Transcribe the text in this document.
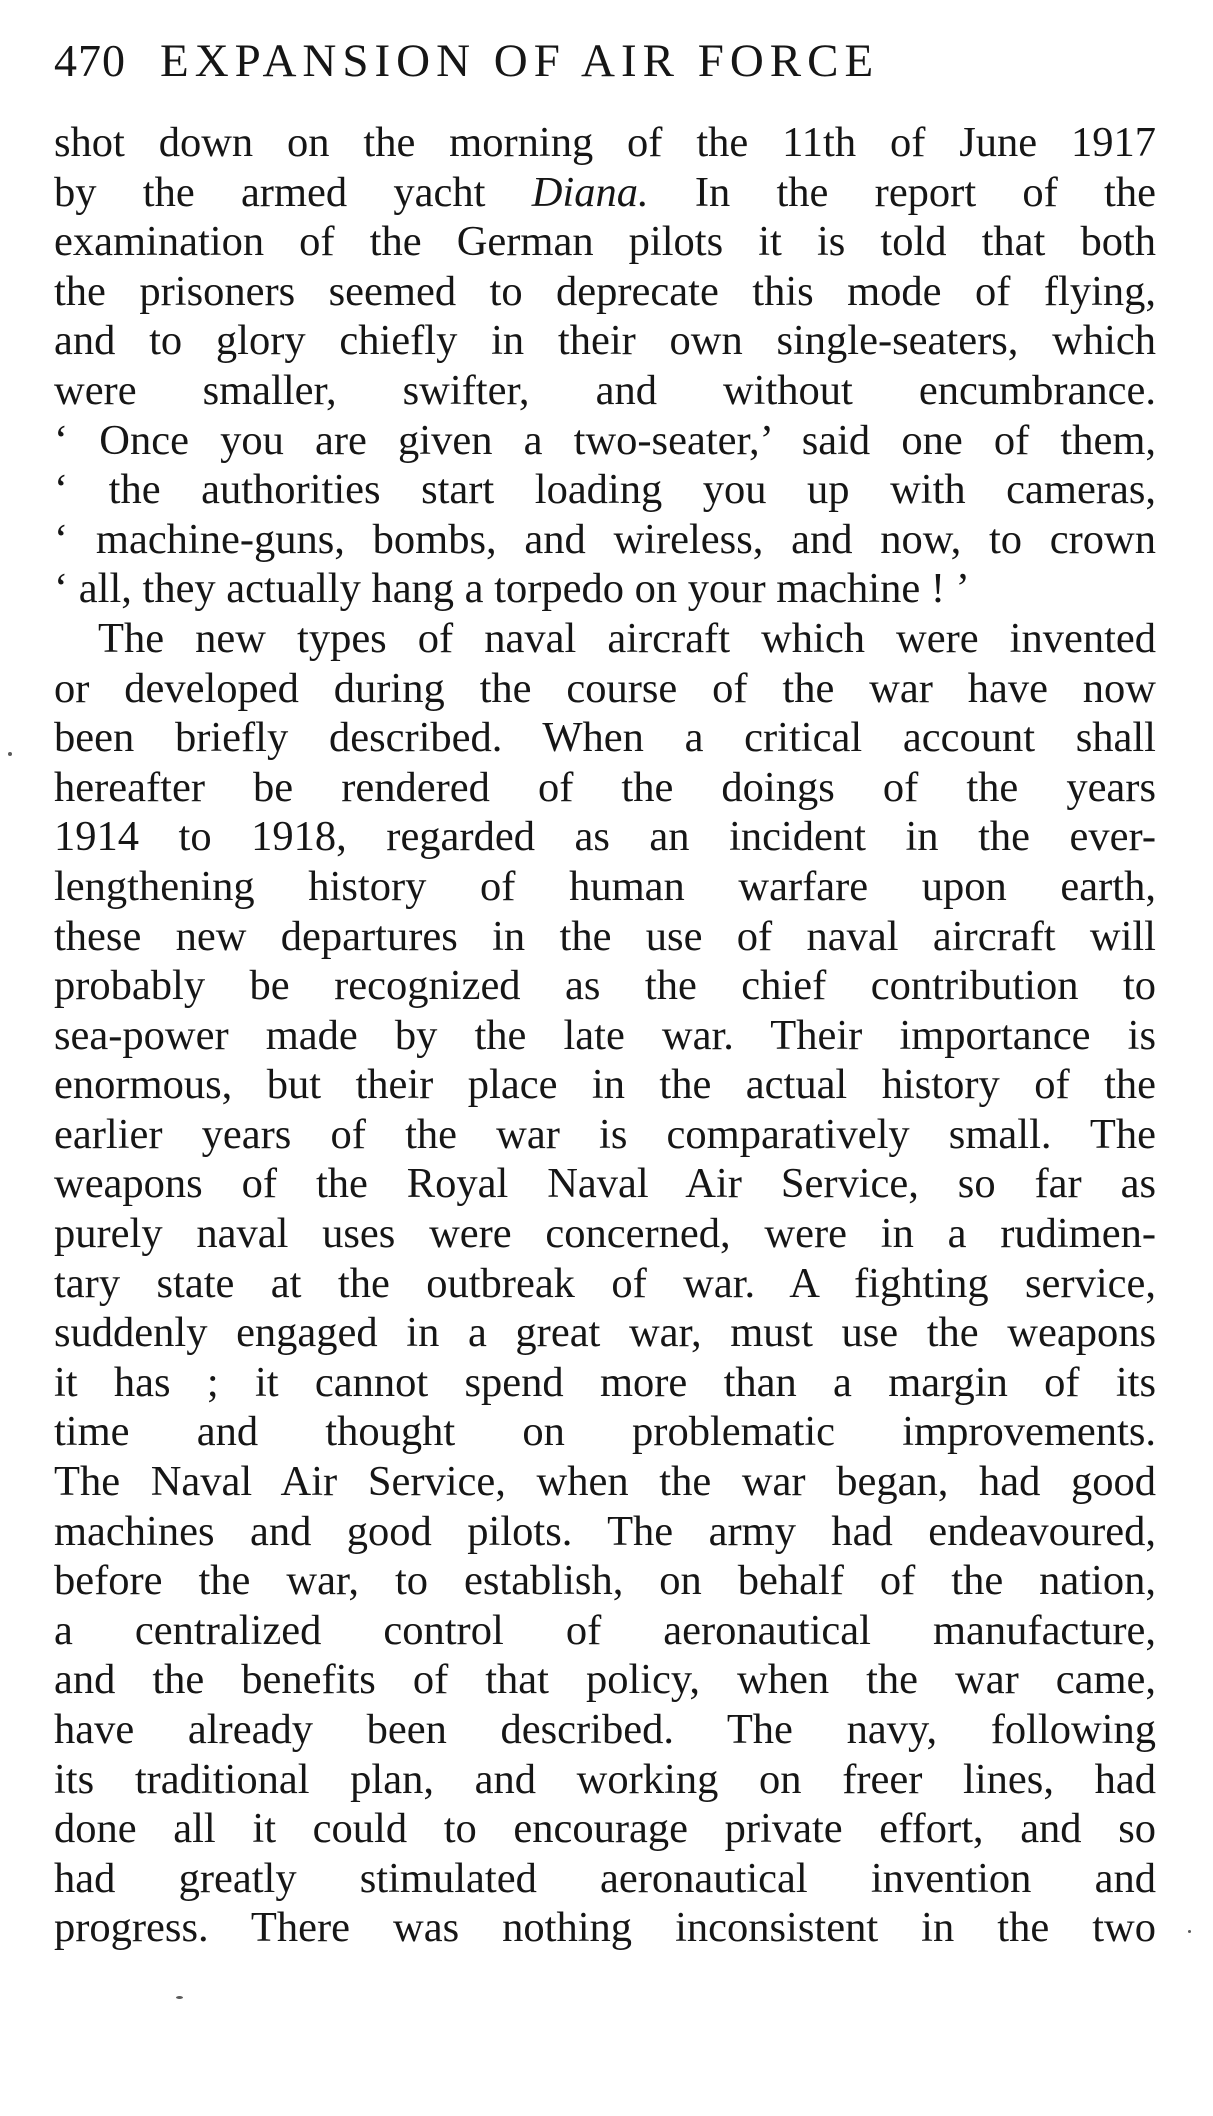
470 EXPANSION OF AIR FORCE
shot down on the morning of the 11th of June 1917
by the armed yacht Diana. In the report of the
examination of the German pilots it is told that both
the prisoners seemed to deprecate this mode of flying,
and to glory chiefly in their own single-seaters, which
were smaller, swifter, and without encumbrance.
‘ Once you are given a two-seater,’ said one of them,
‘ the authorities start loading you up with cameras,
‘ machine-guns, bombs, and wireless, and now, to crown
‘ all, they actually hang a torpedo on your machine ! ’
The new types of naval aircraft which were invented
or developed during the course of the war have now
been briefly described. When a critical account shall
hereafter be rendered of the doings of the years
1914 to 1918, regarded as an incident in the ever-
lengthening history of human warfare upon earth,
these new departures in the use of naval aircraft will
probably be recognized as the chief contribution to
sea-power made by the late war. Their importance is
enormous, but their place in the actual history of the
earlier years of the war is comparatively small. The
weapons of the Royal Naval Air Service, so far as
purely naval uses were concerned, were in a rudimen-
tary state at the outbreak of war. A fighting service,
suddenly engaged in a great war, must use the weapons
it has ; it cannot spend more than a margin of its
time and thought on problematic improvements.
The Naval Air Service, when the war began, had good
machines and good pilots. The army had endeavoured,
before the war, to establish, on behalf of the nation,
a centralized control of aeronautical manufacture,
and the benefits of that policy, when the war came,
have already been described. The navy, following
its traditional plan, and working on freer lines, had
done all it could to encourage private effort, and so
had greatly stimulated aeronautical invention and
progress. There was nothing inconsistent in the two
